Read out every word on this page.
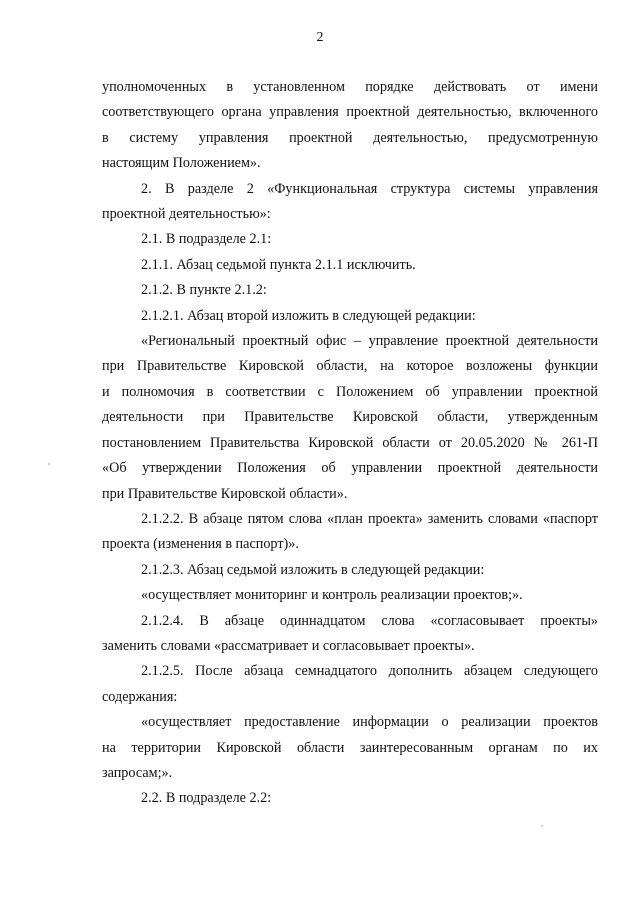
2
уполномоченных в установленном порядке действовать от имени
соответствующего органа управления проектной деятельностью, включенного
в систему управления проектной деятельностью, предусмотренную
настоящим Положением».
2. В разделе 2 «Функциональная структура системы управления
проектной деятельностью»:
2.1. В подразделе 2.1:
2.1.1. Абзац седьмой пункта 2.1.1 исключить.
2.1.2. В пункте 2.1.2:
2.1.2.1. Абзац второй изложить в следующей редакции:
«Региональный проектный офис – управление проектной деятельности
при Правительстве Кировской области, на которое возложены функции
и полномочия в соответствии с Положением об управлении проектной
деятельности при Правительстве Кировской области, утвержденным
постановлением Правительства Кировской области от 20.05.2020 № 261-П
«Об утверждении Положения об управлении проектной деятельности
при Правительстве Кировской области».
2.1.2.2. В абзаце пятом слова «план проекта» заменить словами «паспорт
проекта (изменения в паспорт)».
2.1.2.3. Абзац седьмой изложить в следующей редакции:
«осуществляет мониторинг и контроль реализации проектов;».
2.1.2.4. В абзаце одиннадцатом слова «согласовывает проекты»
заменить словами «рассматривает и согласовывает проекты».
2.1.2.5. После абзаца семнадцатого дополнить абзацем следующего
содержания:
«осуществляет предоставление информации о реализации проектов
на территории Кировской области заинтересованным органам по их
запросам;».
2.2. В подразделе 2.2:
